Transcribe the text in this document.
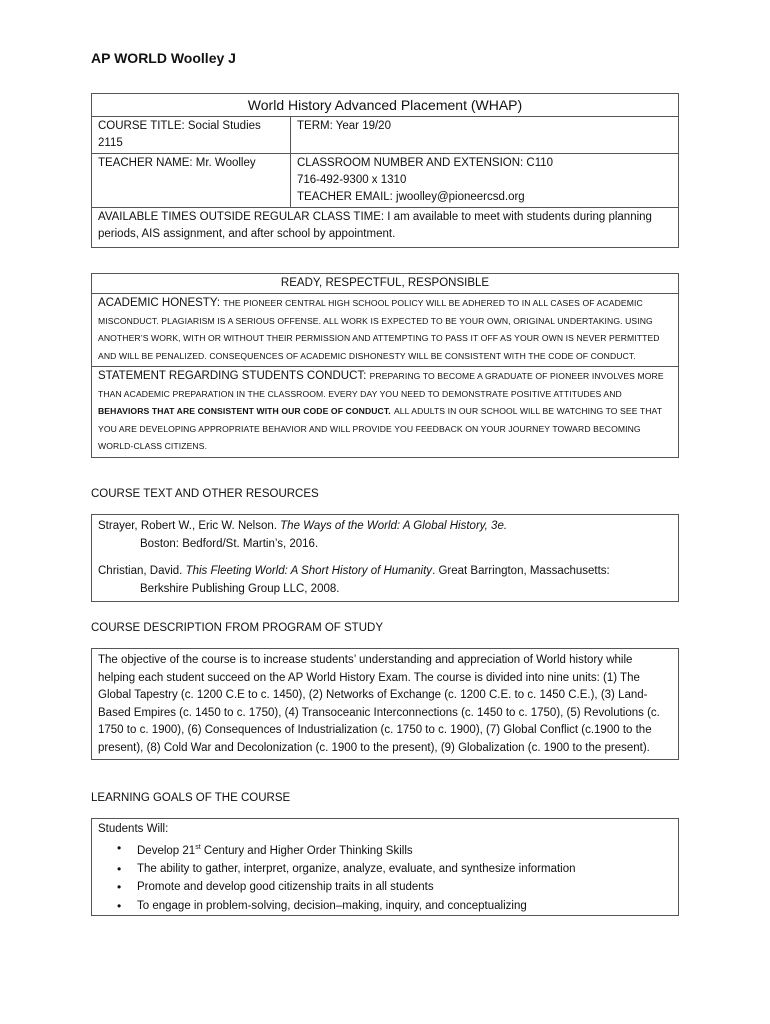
AP WORLD Woolley J
World History Advanced Placement (WHAP)
COURSE TITLE: Social Studies 2115
TERM: Year 19/20
TEACHER NAME: Mr. Woolley	CLASSROOM NUMBER AND EXTENSION: C110
716-492-9300 x 1310
TEACHER EMAIL: jwoolley@pioneercsd.org
AVAILABLE TIMES OUTSIDE REGULAR CLASS TIME: I am available to meet with students during planning periods, AIS assignment, and after school by appointment.
READY, RESPECTFUL, RESPONSIBLE
ACADEMIC HONESTY: THE PIONEER CENTRAL HIGH SCHOOL POLICY WILL BE ADHERED TO IN ALL CASES OF ACADEMIC MISCONDUCT. PLAGIARISM IS A SERIOUS OFFENSE. ALL WORK IS EXPECTED TO BE YOUR OWN, ORIGINAL UNDERTAKING. USING ANOTHER’S WORK, WITH OR WITHOUT THEIR PERMISSION AND ATTEMPTING TO PASS IT OFF AS YOUR OWN IS NEVER PERMITTED AND WILL BE PENALIZED. CONSEQUENCES OF ACADEMIC DISHONESTY WILL BE CONSISTENT WITH THE CODE OF CONDUCT.
STATEMENT REGARDING STUDENTS CONDUCT: PREPARING TO BECOME A GRADUATE OF PIONEER INVOLVES MORE THAN ACADEMIC PREPARATION IN THE CLASSROOM. EVERY DAY YOU NEED TO DEMONSTRATE POSITIVE ATTITUDES AND BEHAVIORS THAT ARE CONSISTENT WITH OUR CODE OF CONDUCT. ALL ADULTS IN OUR SCHOOL WILL BE WATCHING TO SEE THAT YOU ARE DEVELOPING APPROPRIATE BEHAVIOR AND WILL PROVIDE YOU FEEDBACK ON YOUR JOURNEY TOWARD BECOMING WORLD-CLASS CITIZENS.
COURSE TEXT AND OTHER RESOURCES
Strayer, Robert W., Eric W. Nelson. The Ways of the World: A Global History, 3e.
Boston: Bedford/St. Martin’s, 2016.
Christian, David. This Fleeting World: A Short History of Humanity. Great Barrington, Massachusetts:
Berkshire Publishing Group LLC, 2008.
COURSE DESCRIPTION FROM PROGRAM OF STUDY
The objective of the course is to increase students’ understanding and appreciation of World history while helping each student succeed on the AP World History Exam. The course is divided into nine units: (1) The Global Tapestry (c. 1200 C.E to c. 1450), (2) Networks of Exchange (c. 1200 C.E. to c. 1450 C.E.), (3) Land-Based Empires (c. 1450 to c. 1750), (4) Transoceanic Interconnections (c. 1450 to c. 1750), (5) Revolutions (c. 1750 to c. 1900), (6) Consequences of Industrialization (c. 1750 to c. 1900), (7) Global Conflict (c.1900 to the present), (8) Cold War and Decolonization (c. 1900 to the present), (9) Globalization (c. 1900 to the present).
LEARNING GOALS OF THE COURSE
Students Will:
• Develop 21st Century and Higher Order Thinking Skills
• The ability to gather, interpret, organize, analyze, evaluate, and synthesize information
• Promote and develop good citizenship traits in all students
• To engage in problem-solving, decision–making, inquiry, and conceptualizing
